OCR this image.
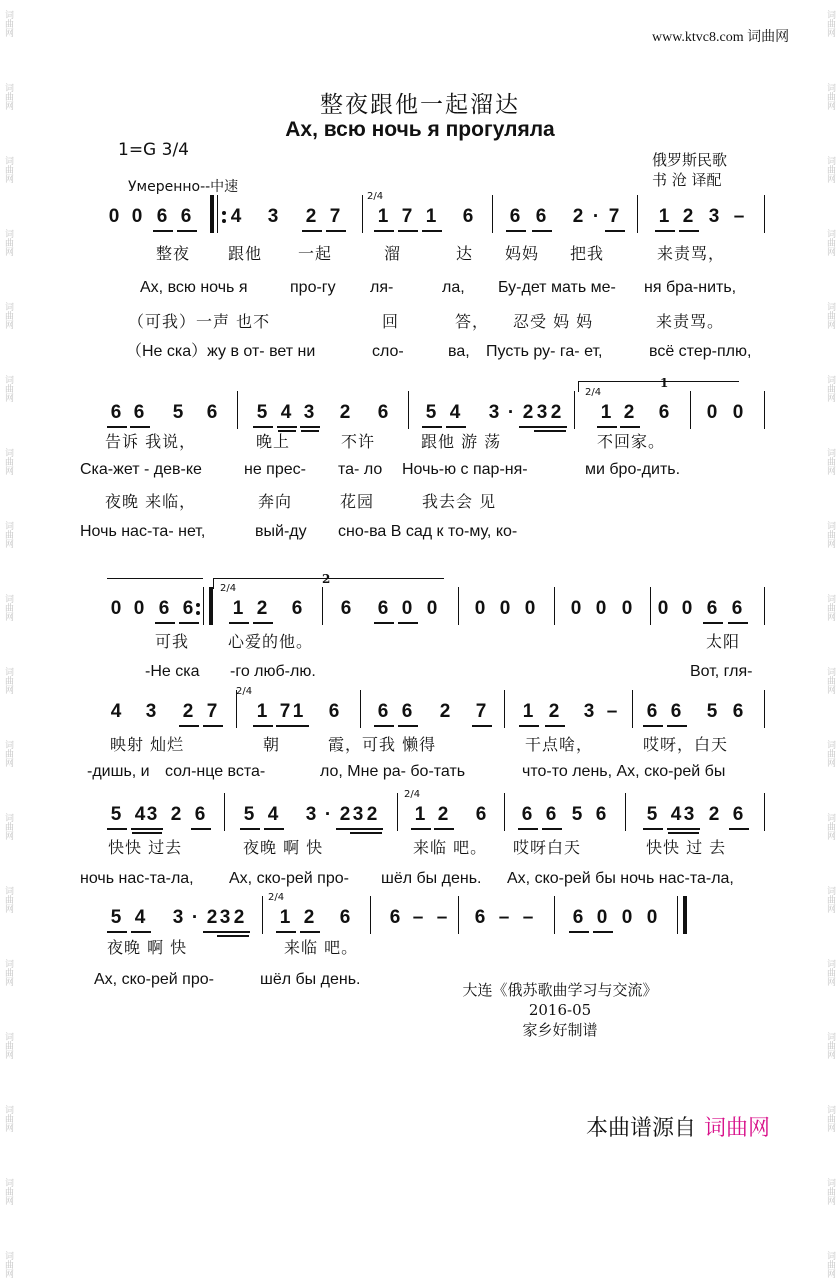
词曲网
词曲网
词曲网
词曲网
词曲网
词曲网
词曲网
词曲网
词曲网
词曲网
词曲网
词曲网
词曲网
词曲网
词曲网
词曲网
词曲网
词曲网
词曲网
词曲网
词曲网
词曲网
词曲网
词曲网
词曲网
词曲网
词曲网
词曲网
词曲网
词曲网
词曲网
词曲网
词曲网
词曲网
词曲网
词曲网
www.ktvc8.com 词曲网
整夜跟他一起溜达
Ах, всю ночь я прогуляла
1=G 3/4	俄罗斯民歌
书 沧 译配
Умеренно--中速
0 0 6 6 4 3 2 7 1 7 1 6 6 6 2 · 7 1 2 3 –
2/4
6 6 5 6 5 4 3 2 6 5 4 3 · 2 3 2 1 2 6 0 0
2/4
0 0 6 6 1 2 6 6 6 0 0 0 0 0 0 0 0 0 0 6 6
2/4
4 3 2 7 1 7 1 6 6 6 2 7 1 2 3 – 6 6 5 6
2/4
5 4 3 2 6 5 4 3 · 2 3 2 1 2 6 6 6 5 6 5 4 3 2 6
2/4
5 4 3 · 2 3 2 1 2 6 6 – – 6 – – 6 0 0 0
2/4
整夜 跟他 一起	溜	达 妈妈 把我	来责骂，
Ах, всю ночь я	про-гу ля-	ла, Бу-дет мать ме- ня бра-нить,
（可我）一声 也不	回	答， 忍受 妈 妈	来责骂。
（Не ска）жу в от- вет ни	сло-	ва, Пусть ру- га- ет,	всё стер-плю,
告诉 我说，	晚上	不许	跟他 游 荡	不回家。
Ска-жет - дев-ке	не прес- та- ло Ночь-ю с пар-ня-	ми бро-дить.
夜晚 来临，	奔向	花园	我去会 见
Ночь нас-та- нет,	вый-ду сно-ва В сад к то-му, ко-
可我 心爱的他。	太阳
-Не ска -го люб-лю.	Вот, гля-
映射 灿烂	朝	霞，可我 懒得	干点啥，	哎呀，白天
-дишь, и сол-нце вста-	ло, Мне ра- бо-тать	что-то лень, Ах, ско-рей бы
快快 过去	夜晚 啊 快	来临 吧。 哎呀白天	快快 过 去
ночь нас-та-ла, Ах, ско-рей про- шёл бы день. Ах, ско-рей бы ночь нас-та-ла,
夜晚 啊 快	来临 吧。
Ах, ско-рей про-	шёл бы день.
1
2
大连《俄苏歌曲学习与交流》
2016-05
家乡好制谱
本曲谱源自 词曲网
